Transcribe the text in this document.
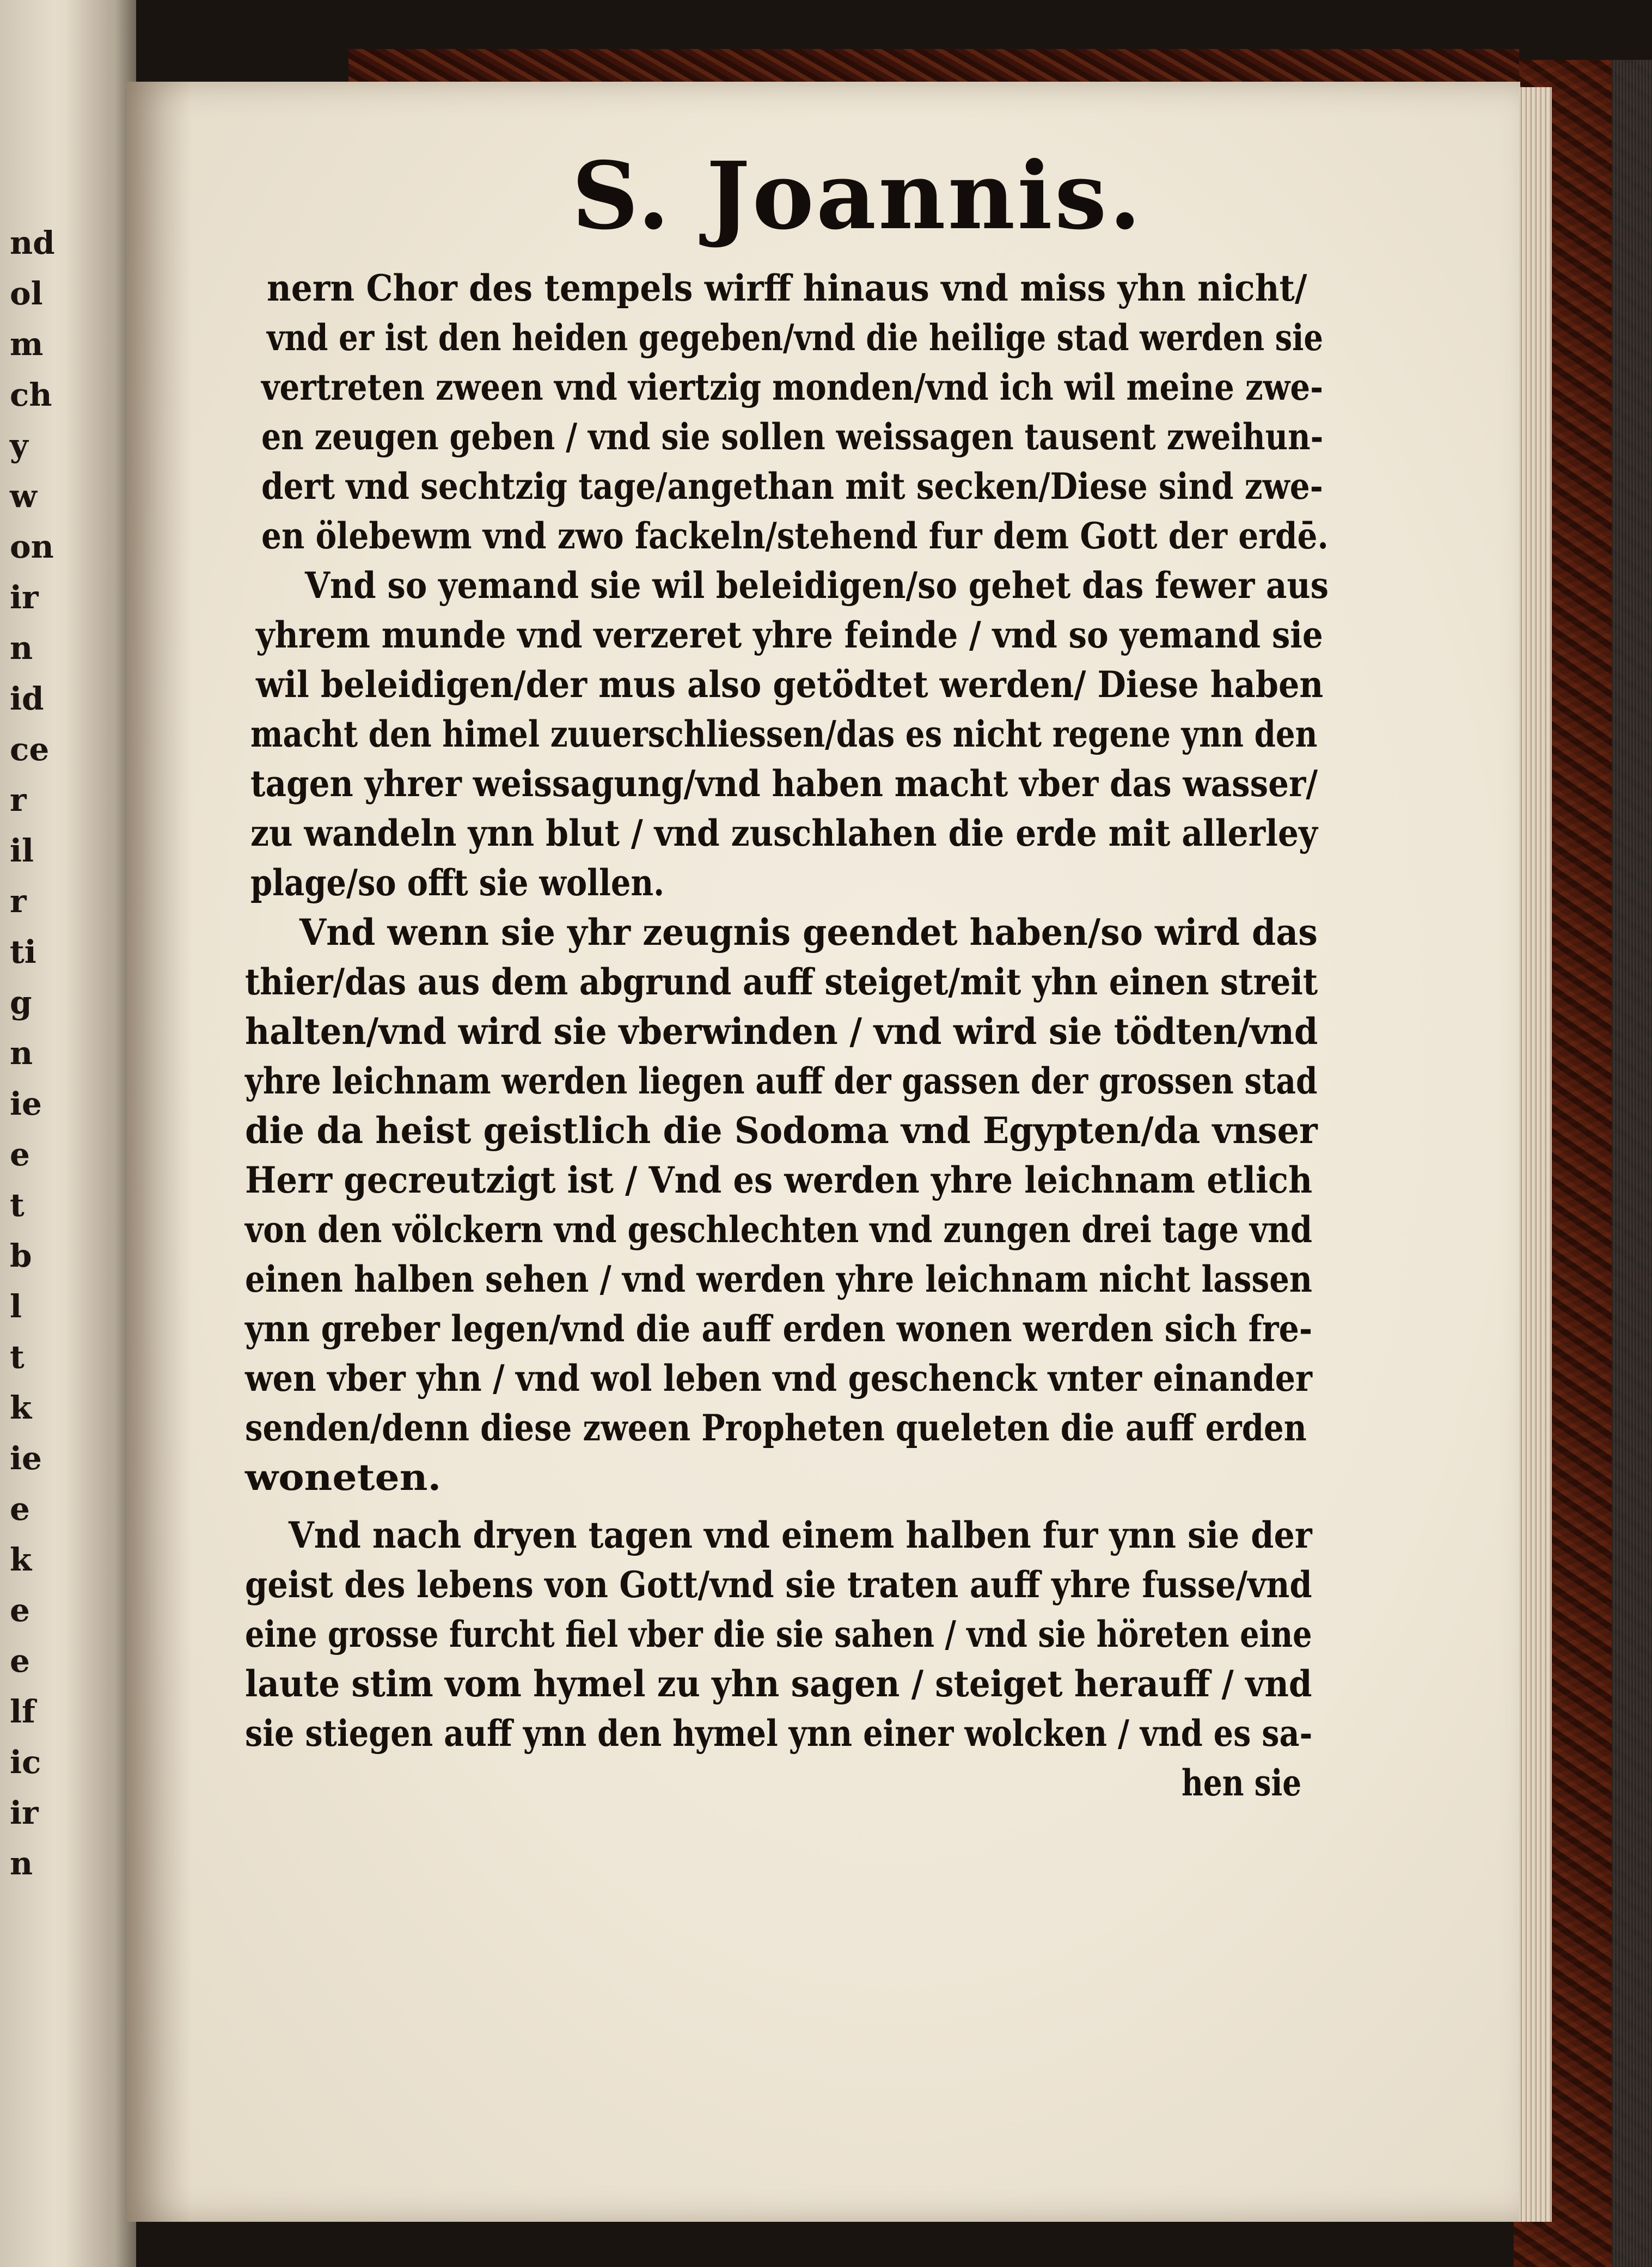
nd
ol
m
ch
y
w
on
ir
n
id
ce
r
il
r
ti
g
n
ie
e
t
b
l
t
k
ie
e
k
e
e
lf
ic
ir
n
S. Joannis.
nern Chor des tempels wirff hinaus vnd miss yhn nicht/
vnd er ist den heiden gegeben/vnd die heilige stad werden sie
vertreten zween vnd viertzig monden/vnd ich wil meine zwe-
en zeugen geben / vnd sie sollen weissagen tausent zweihun-
dert vnd sechtzig tage/angethan mit secken/Diese sind zwe-
en ölebewm vnd zwo fackeln/stehend fur dem Gott der erdē.
Vnd so yemand sie wil beleidigen/so gehet das fewer aus
yhrem munde vnd verzeret yhre feinde / vnd so yemand sie
wil beleidigen/der mus also getödtet werden/ Diese haben
macht den himel zuuerschliessen/das es nicht regene ynn den
tagen yhrer weissagung/vnd haben macht vber das wasser/
zu wandeln ynn blut / vnd zuschlahen die erde mit allerley
plage/so offt sie wollen.
Vnd wenn sie yhr zeugnis geendet haben/so wird das
thier/das aus dem abgrund auff steiget/mit yhn einen streit
halten/vnd wird sie vberwinden / vnd wird sie tödten/vnd
yhre leichnam werden liegen auff der gassen der grossen stad
die da heist geistlich die Sodoma vnd Egypten/da vnser
Herr gecreutzigt ist / Vnd es werden yhre leichnam etlich
von den völckern vnd geschlechten vnd zungen drei tage vnd
einen halben sehen / vnd werden yhre leichnam nicht lassen
ynn greber legen/vnd die auff erden wonen werden sich fre-
wen vber yhn / vnd wol leben vnd geschenck vnter einander
senden/denn diese zween Propheten queleten die auff erden
woneten.
Vnd nach dryen tagen vnd einem halben fur ynn sie der
geist des lebens von Gott/vnd sie traten auff yhre fusse/vnd
eine grosse furcht fiel vber die sie sahen / vnd sie höreten eine
laute stim vom hymel zu yhn sagen / steiget herauff / vnd
sie stiegen auff ynn den hymel ynn einer wolcken / vnd es sa-
hen sie
